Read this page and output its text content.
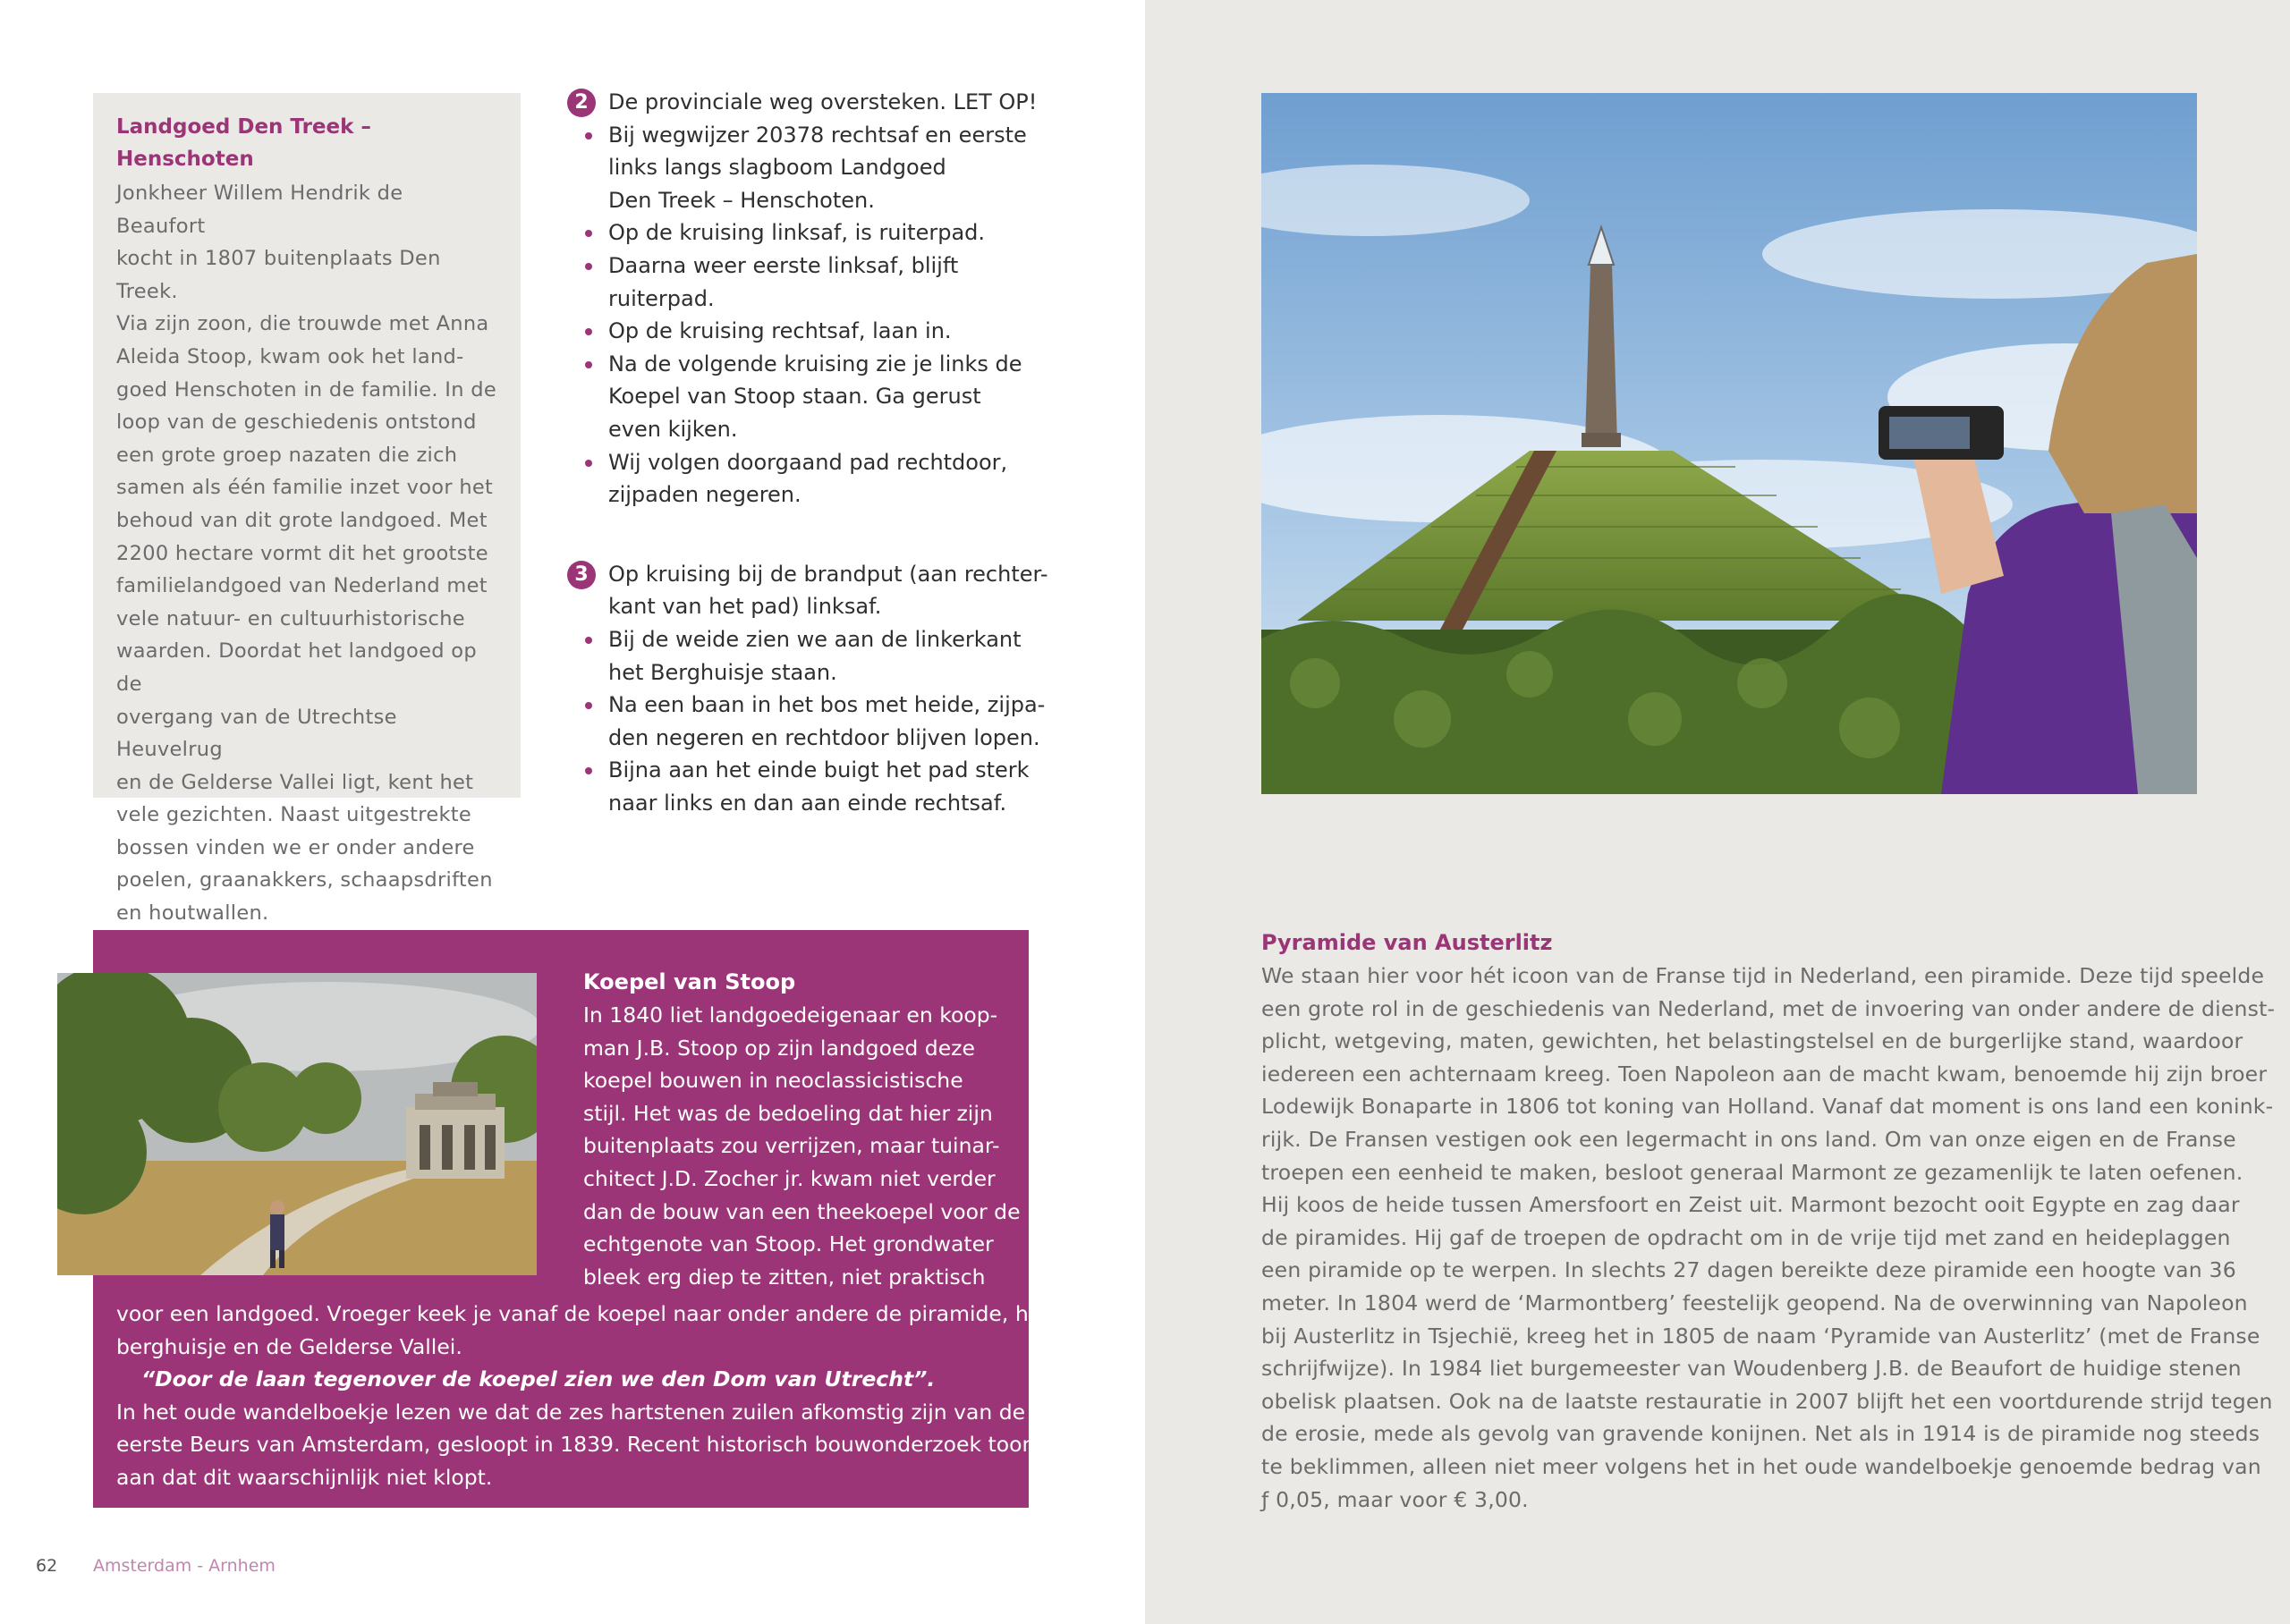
Landgoed Den Treek – Henschoten
Jonkheer Willem Hendrik de Beaufort
kocht in 1807 buitenplaats Den Treek.
Via zijn zoon, die trouwde met Anna
Aleida Stoop, kwam ook het land-
goed Henschoten in de familie. In de
loop van de geschiedenis ontstond
een grote groep nazaten die zich
samen als één familie inzet voor het
behoud van dit grote landgoed. Met
2200 hectare vormt dit het grootste
familielandgoed van Nederland met
vele natuur- en cultuurhistorische
waarden. Doordat het landgoed op de
overgang van de Utrechtse Heuvelrug
en de Gelderse Vallei ligt, kent het
vele gezichten. Naast uitgestrekte
bossen vinden we er onder andere
poelen, graanakkers, schaapsdriften
en houtwallen.
2 De provinciale weg oversteken. LET OP!
Bij wegwijzer 20378 rechtsaf en eerste
links langs slagboom Landgoed
Den Treek – Henschoten.
Op de kruising linksaf, is ruiterpad.
Daarna weer eerste linksaf, blijft
ruiterpad.
Op de kruising rechtsaf, laan in.
Na de volgende kruising zie je links de
Koepel van Stoop staan. Ga gerust
even kijken.
Wij volgen doorgaand pad rechtdoor,
zijpaden negeren.
3 Op kruising bij de brandput (aan rechter-
kant van het pad) linksaf.
Bij de weide zien we aan de linkerkant
het Berghuisje staan.
Na een baan in het bos met heide, zijpa-
den negeren en rechtdoor blijven lopen.
Bijna aan het einde buigt het pad sterk
naar links en dan aan einde rechtsaf.
Koepel van Stoop
In 1840 liet landgoedeigenaar en koop-
man J.B. Stoop op zijn landgoed deze
koepel bouwen in neoclassicistische
stijl. Het was de bedoeling dat hier zijn
buitenplaats zou verrijzen, maar tuinar-
chitect J.D. Zocher jr. kwam niet verder
dan de bouw van een theekoepel voor de
echtgenote van Stoop. Het grondwater
bleek erg diep te zitten, niet praktisch
voor een landgoed. Vroeger keek je vanaf de koepel naar onder andere de piramide, het
berghuisje en de Gelderse Vallei.
“Door de laan tegenover de koepel zien we den Dom van Utrecht”.
In het oude wandelboekje lezen we dat de zes hartstenen zuilen afkomstig zijn van de
eerste Beurs van Amsterdam, gesloopt in 1839. Recent historisch bouwonderzoek toont
aan dat dit waarschijnlijk niet klopt.
Pyramide van Austerlitz
We staan hier voor hét icoon van de Franse tijd in Nederland, een piramide. Deze tijd speelde
een grote rol in de geschiedenis van Nederland, met de invoering van onder andere de dienst-
plicht, wetgeving, maten, gewichten, het belastingstelsel en de burgerlijke stand, waardoor
iedereen een achternaam kreeg. Toen Napoleon aan de macht kwam, benoemde hij zijn broer
Lodewijk Bonaparte in 1806 tot koning van Holland. Vanaf dat moment is ons land een konink-
rijk. De Fransen vestigen ook een legermacht in ons land. Om van onze eigen en de Franse
troepen een eenheid te maken, besloot generaal Marmont ze gezamenlijk te laten oefenen.
Hij koos de heide tussen Amersfoort en Zeist uit. Marmont bezocht ooit Egypte en zag daar
de piramides. Hij gaf de troepen de opdracht om in de vrije tijd met zand en heideplaggen
een piramide op te werpen. In slechts 27 dagen bereikte deze piramide een hoogte van 36
meter. In 1804 werd de ‘Marmontberg’ feestelijk geopend. Na de overwinning van Napoleon
bij Austerlitz in Tsjechië, kreeg het in 1805 de naam ‘Pyramide van Austerlitz’ (met de Franse
schrijfwijze). In 1984 liet burgemeester van Woudenberg J.B. de Beaufort de huidige stenen
obelisk plaatsen. Ook na de laatste restauratie in 2007 blijft het een voortdurende strijd tegen
de erosie, mede als gevolg van gravende konijnen. Net als in 1914 is de piramide nog steeds
te beklimmen, alleen niet meer volgens het in het oude wandelboekje genoemde bedrag van
ƒ 0,05, maar voor € 3,00.
62 Amsterdam - Arnhem
